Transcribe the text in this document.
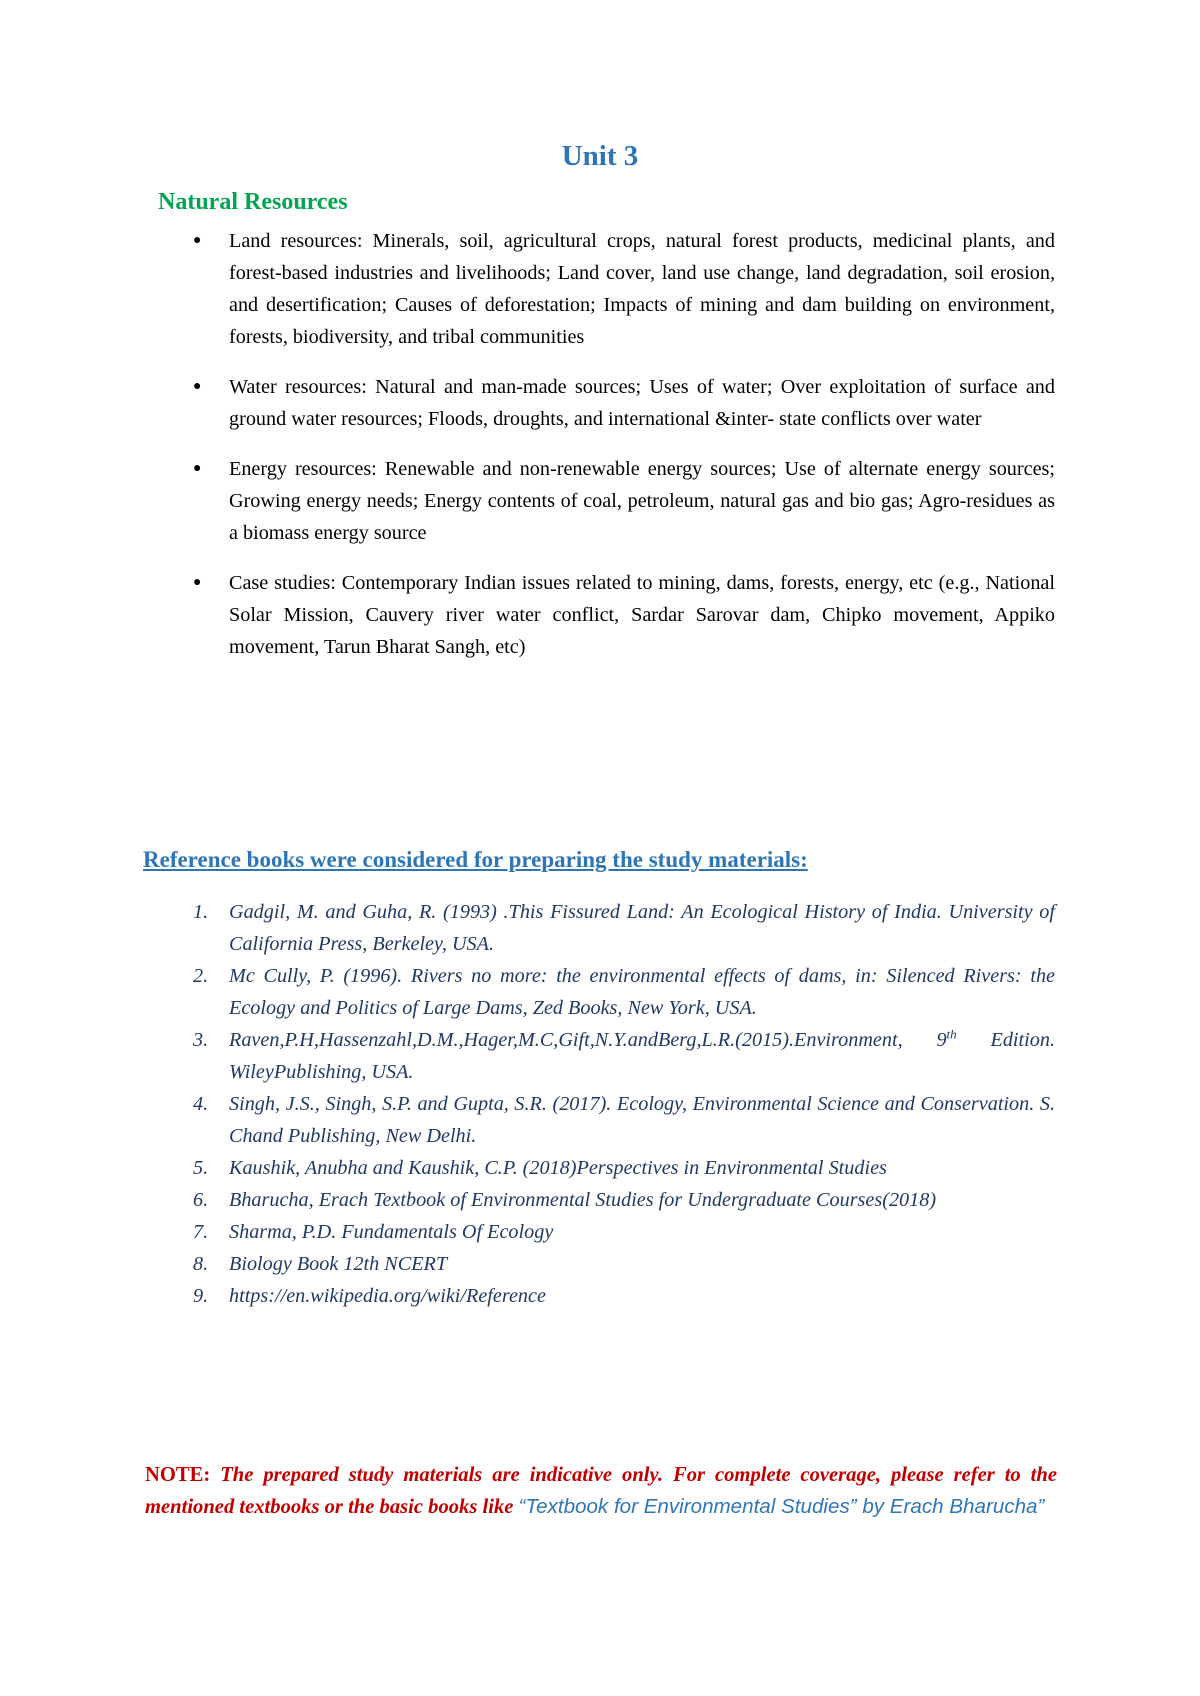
Unit 3
Natural Resources
●
Land resources: Minerals, soil, agricultural crops, natural forest products, medicinal plants, and forest-based industries and livelihoods; Land cover, land use change, land degradation, soil erosion, and desertification; Causes of deforestation; Impacts of mining and dam building on environment, forests, biodiversity, and tribal communities
●
Water resources: Natural and man-made sources; Uses of water; Over exploitation of surface and ground water resources; Floods, droughts, and international &inter- state conflicts over water
●
Energy resources: Renewable and non-renewable energy sources; Use of alternate energy sources; Growing energy needs; Energy contents of coal, petroleum, natural gas and bio gas; Agro-residues as a biomass energy source
●
Case studies: Contemporary Indian issues related to mining, dams, forests, energy, etc (e.g., National Solar Mission, Cauvery river water conflict, Sardar Sarovar dam, Chipko movement, Appiko movement, Tarun Bharat Sangh, etc)
Reference books were considered for preparing the study materials:
1. Gadgil, M. and Guha, R. (1993) .This Fissured Land: An Ecological History of India. University of California Press, Berkeley, USA.
2. Mc Cully, P. (1996). Rivers no more: the environmental effects of dams, in: Silenced Rivers: the Ecology and Politics of Large Dams, Zed Books, New York, USA.
3. Raven,P.H,Hassenzahl,D.M.,Hager,M.C,Gift,N.Y.andBerg,L.R.(2015).Environment, 9th Edition. WileyPublishing, USA.
4. Singh, J.S., Singh, S.P. and Gupta, S.R. (2017). Ecology, Environmental Science and Conservation. S. Chand Publishing, New Delhi.
5. Kaushik, Anubha and Kaushik, C.P. (2018)Perspectives in Environmental Studies
6. Bharucha, Erach Textbook of Environmental Studies for Undergraduate Courses(2018)
7. Sharma, P.D. Fundamentals Of Ecology
8. Biology Book 12th NCERT
9. https://en.wikipedia.org/wiki/Reference
NOTE: The prepared study materials are indicative only. For complete coverage, please refer to the mentioned textbooks or the basic books like “Textbook for Environmental Studies” by Erach Bharucha”
